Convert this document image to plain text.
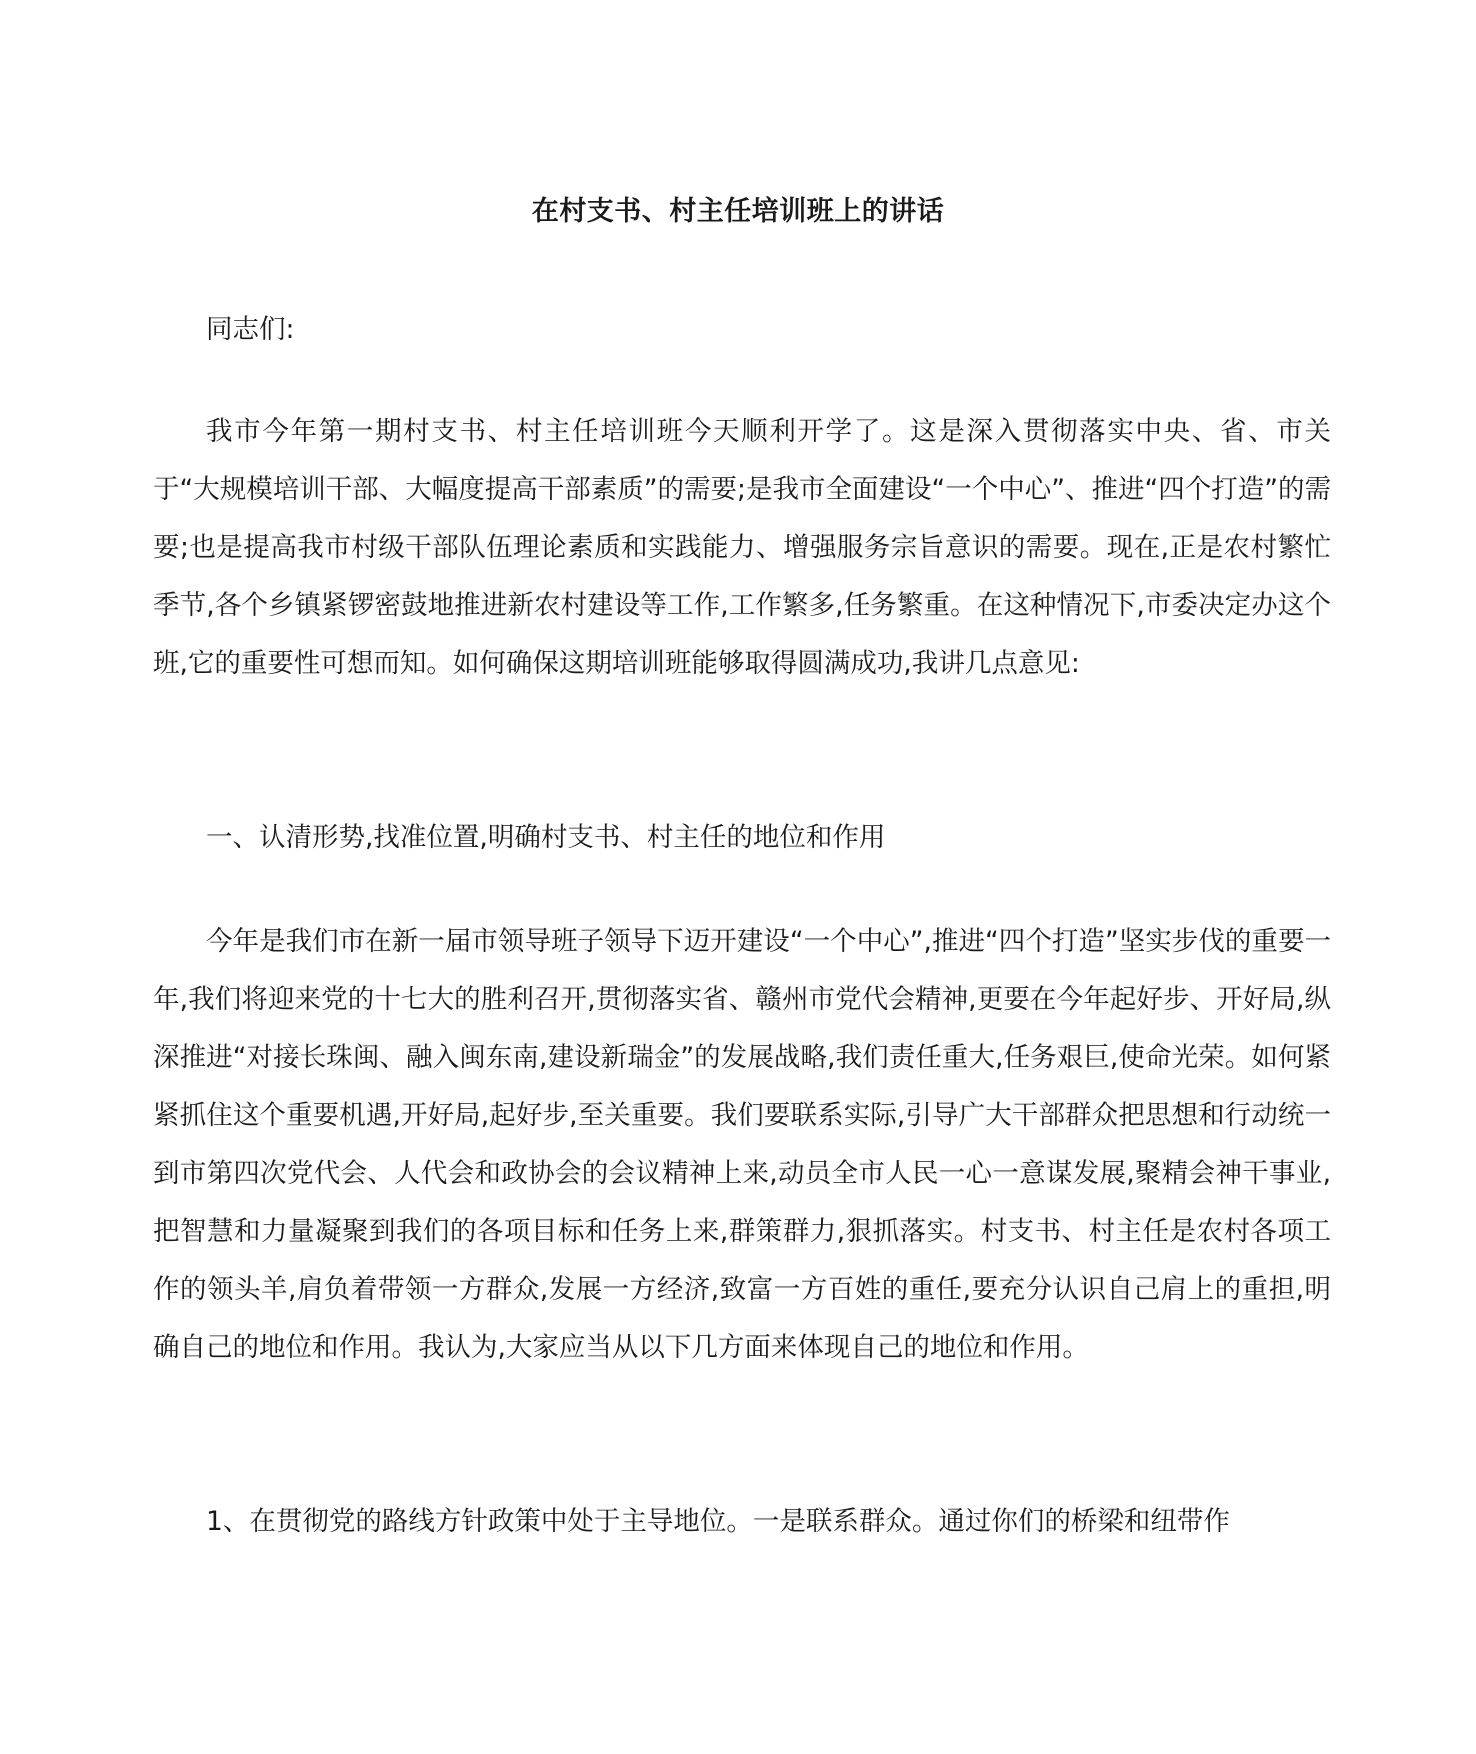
在村支书、村主任培训班上的讲话

同志们:

我市今年第一期村支书、村主任培训班今天顺利开学了。这是深入贯彻落实中央、省、市关于“大规模培训干部、大幅度提高干部素质”的需要;是我市全面建设“一个中心”、推进“四个打造”的需要;也是提高我市村级干部队伍理论素质和实践能力、增强服务宗旨意识的需要。现在,正是农村繁忙季节,各个乡镇紧锣密鼓地推进新农村建设等工作,工作繁多,任务繁重。在这种情况下,市委决定办这个班,它的重要性可想而知。如何确保这期培训班能够取得圆满成功,我讲几点意见:

一、认清形势,找准位置,明确村支书、村主任的地位和作用

今年是我们市在新一届市领导班子领导下迈开建设“一个中心”,推进“四个打造”坚实步伐的重要一年,我们将迎来党的十七大的胜利召开,贯彻落实省、赣州市党代会精神,更要在今年起好步、开好局,纵深推进“对接长珠闽、融入闽东南,建设新瑞金”的发展战略,我们责任重大,任务艰巨,使命光荣。如何紧紧抓住这个重要机遇,开好局,起好步,至关重要。我们要联系实际,引导广大干部群众把思想和行动统一到市第四次党代会、人代会和政协会的会议精神上来,动员全市人民一心一意谋发展,聚精会神干事业,把智慧和力量凝聚到我们的各项目标和任务上来,群策群力,狠抓落实。村支书、村主任是农村各项工作的领头羊,肩负着带领一方群众,发展一方经济,致富一方百姓的重任,要充分认识自己肩上的重担,明确自己的地位和作用。我认为,大家应当从以下几方面来体现自己的地位和作用。

1、在贯彻党的路线方针政策中处于主导地位。一是联系群众。通过你们的桥梁和纽带作
